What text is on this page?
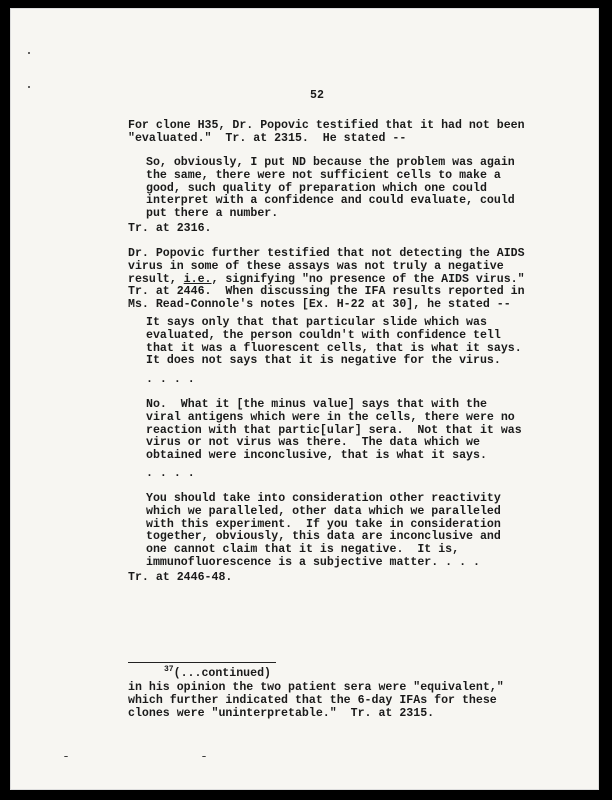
52
For clone H35, Dr. Popovic testified that it had not been
"evaluated."  Tr. at 2315.  He stated --
So, obviously, I put ND because the problem was again
the same, there were not sufficient cells to make a
good, such quality of preparation which one could
interpret with a confidence and could evaluate, could
put there a number.
Tr. at 2316.
Dr. Popovic further testified that not detecting the AIDS
virus in some of these assays was not truly a negative
result, i.e., signifying "no presence of the AIDS virus."
Tr. at 2446.  When discussing the IFA results reported in
Ms. Read-Connole's notes [Ex. H-22 at 30], he stated --
It says only that that particular slide which was
evaluated, the person couldn't with confidence tell
that it was a fluorescent cells, that is what it says.
It does not says that it is negative for the virus.
. . . .
No.  What it [the minus value] says that with the
viral antigens which were in the cells, there were no
reaction with that partic[ular] sera.  Not that it was
virus or not virus was there.  The data which we
obtained were inconclusive, that is what it says.
. . . .
You should take into consideration other reactivity
which we paralleled, other data which we paralleled
with this experiment.  If you take in consideration
together, obviously, this data are inconclusive and
one cannot claim that it is negative.  It is,
immunofluorescence is a subjective matter. . . .
Tr. at 2446-48.
$^{37}$(...continued)
in his opinion the two patient sera were "equivalent,"
which further indicated that the 6-day IFAs for these
clones were "uninterpretable."  Tr. at 2315.
